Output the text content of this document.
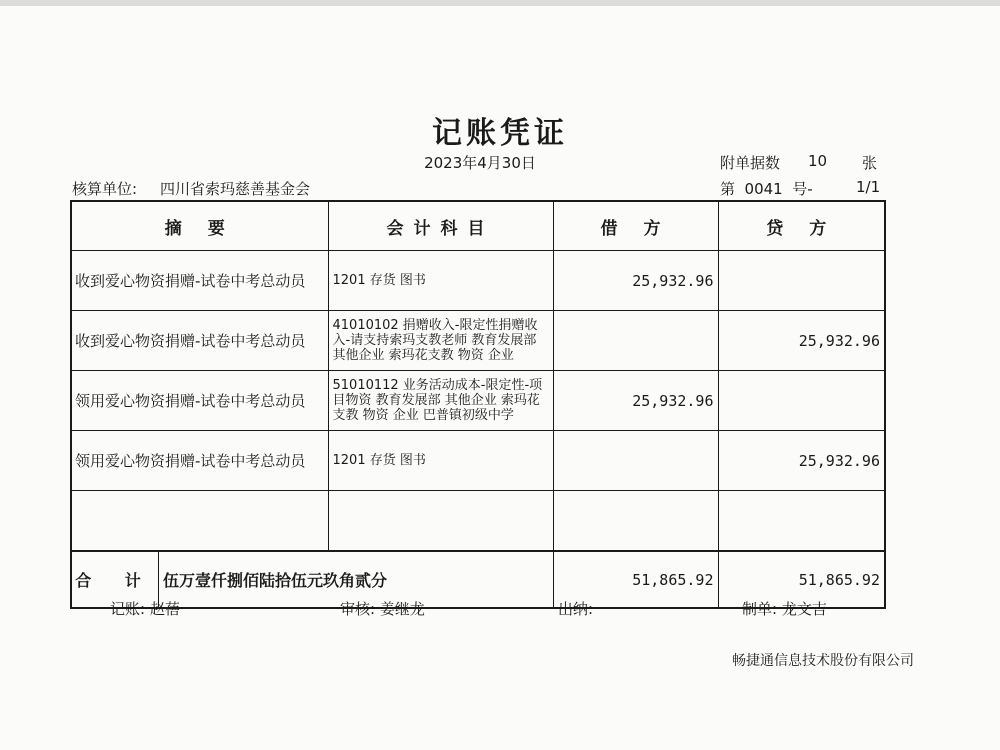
记账凭证
2023年4月30日	附单据数 10 张
核算单位: 四川省索玛慈善基金会	第  0041  号-	1/1
摘 要	会计科目	借 方	贷 方
收到爱心物资捐赠-试卷中考总动员	1201 存货 图书	25,932.96	
收到爱心物资捐赠-试卷中考总动员	41010102 捐赠收入-限定性捐赠收入-请支持索玛支教老师 教育发展部 其他企业 索玛花支教 物资 企业		25,932.96
领用爱心物资捐赠-试卷中考总动员	51010112 业务活动成本-限定性-项目物资 教育发展部 其他企业 索玛花支教 物资 企业 巴普镇初级中学	25,932.96	
领用爱心物资捐赠-试卷中考总动员	1201 存货 图书		25,932.96

合 计 伍万壹仟捌佰陆拾伍元玖角贰分		51,865.92	51,865.92
记账: 赵蓓	审核: 姜继龙	出纳:	制单: 龙文吉
畅捷通信息技术股份有限公司
